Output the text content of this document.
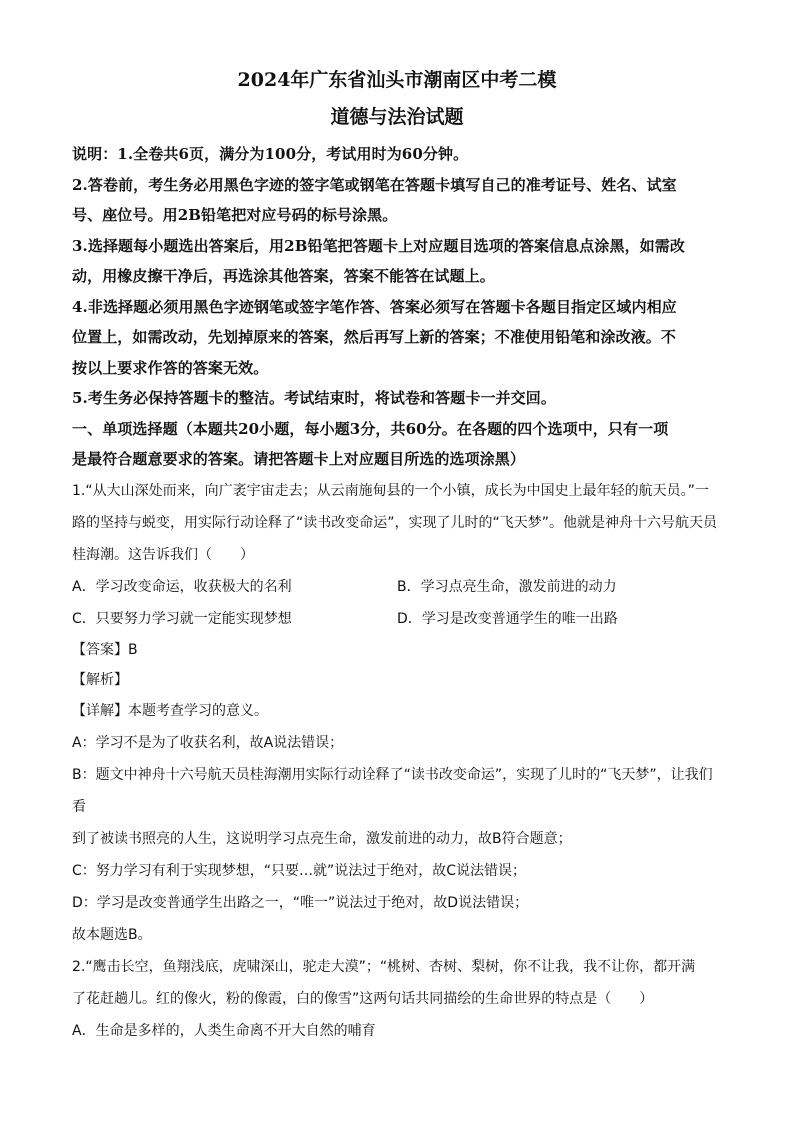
2024年广东省汕头市潮南区中考二模

道德与法治试题

说明：1.全卷共6页，满分为100分，考试用时为60分钟。

2.答卷前，考生务必用黑色字迹的签字笔或钢笔在答题卡填写自己的准考证号、姓名、试室

号、座位号。用2B铅笔把对应号码的标号涂黑。

3.选择题每小题选出答案后，用2B铅笔把答题卡上对应题目选项的答案信息点涂黑，如需改

动，用橡皮擦干净后，再选涂其他答案，答案不能答在试题上。

4.非选择题必须用黑色字迹钢笔或签字笔作答、答案必须写在答题卡各题目指定区域内相应

位置上，如需改动，先划掉原来的答案，然后再写上新的答案；不准使用铅笔和涂改液。不

按以上要求作答的答案无效。

5.考生务必保持答题卡的整洁。考试结束时，将试卷和答题卡一并交回。

一、单项选择题（本题共20小题，每小题3分，共60分。在各题的四个选项中，只有一项

是最符合题意要求的答案。请把答题卡上对应题目所选的选项涂黑）

1.“从大山深处而来，向广袤宇宙走去；从云南施甸县的一个小镇，成长为中国史上最年轻的航天员。”一

路的坚持与蜕变，用实际行动诠释了“读书改变命运”，实现了儿时的“飞天梦”。他就是神舟十六号航天员

桂海潮。这告诉我们（　　）

A．学习改变命运，收获极大的名利	B．学习点亮生命，激发前进的动力
C．只要努力学习就一定能实现梦想	D．学习是改变普通学生的唯一出路

【答案】B

【解析】

【详解】本题考查学习的意义。

A：学习不是为了收获名利，故A说法错误；

B：题文中神舟十六号航天员桂海潮用实际行动诠释了“读书改变命运”，实现了儿时的“飞天梦”，让我们看

到了被读书照亮的人生，这说明学习点亮生命，激发前进的动力，故B符合题意；

C：努力学习有利于实现梦想，“只要…就”说法过于绝对，故C说法错误；

D：学习是改变普通学生出路之一，“唯一”说法过于绝对，故D说法错误；

故本题选B。

2.“鹰击长空，鱼翔浅底，虎啸深山，驼走大漠”；“桃树、杏树、梨树，你不让我，我不让你，都开满

了花赶趟儿。红的像火，粉的像霞，白的像雪”这两句话共同描绘的生命世界的特点是（　　）

A．生命是多样的，人类生命离不开大自然的哺育
